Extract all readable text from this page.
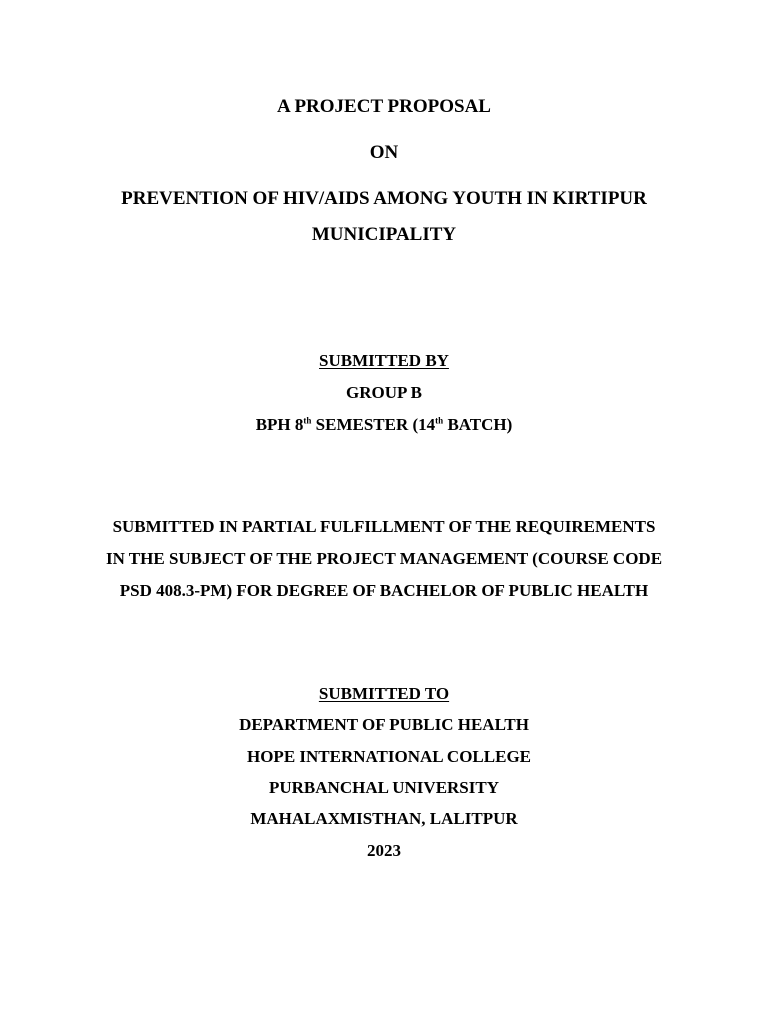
A PROJECT PROPOSAL
ON
PREVENTION OF HIV/AIDS AMONG YOUTH IN KIRTIPUR
MUNICIPALITY
SUBMITTED BY
GROUP B
BPH 8th SEMESTER (14th BATCH)
SUBMITTED IN PARTIAL FULFILLMENT OF THE REQUIREMENTS
IN THE SUBJECT OF THE PROJECT MANAGEMENT (COURSE CODE
PSD 408.3-PM) FOR DEGREE OF BACHELOR OF PUBLIC HEALTH
SUBMITTED TO
DEPARTMENT OF PUBLIC HEALTH
HOPE INTERNATIONAL COLLEGE
PURBANCHAL UNIVERSITY
MAHALAXMISTHAN, LALITPUR
2023
